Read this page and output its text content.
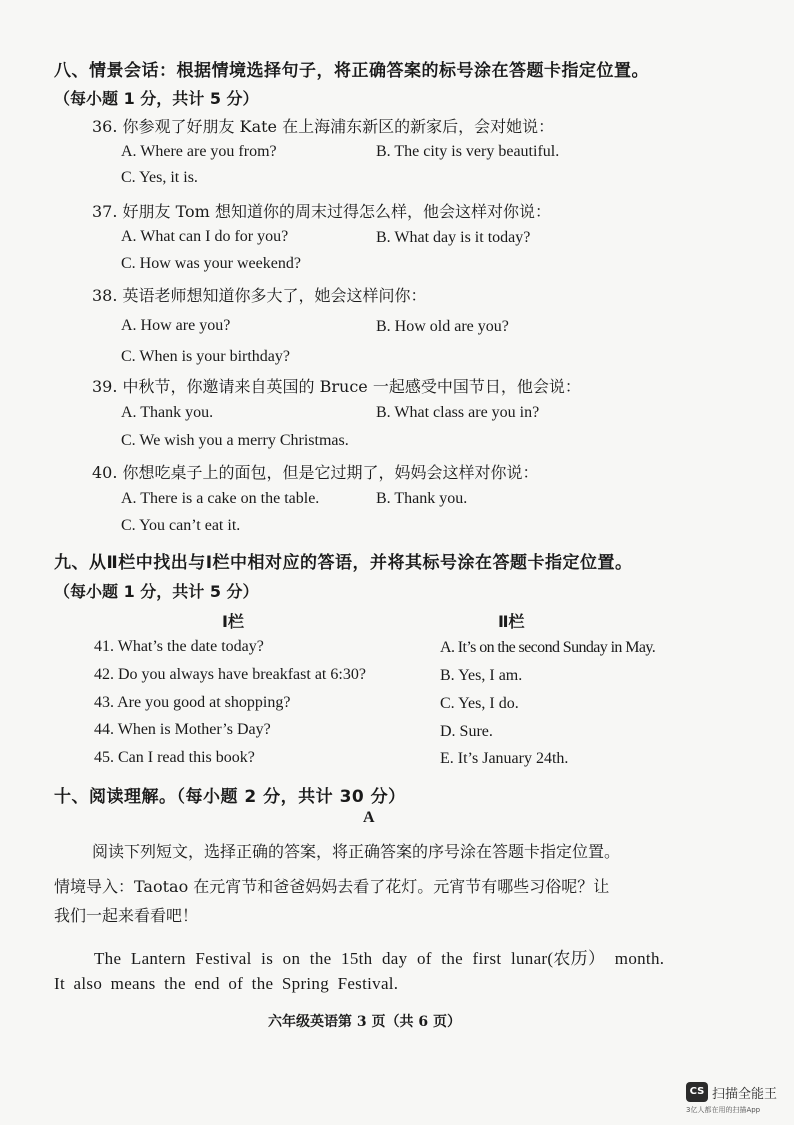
八、情景会话：根据情境选择句子，将正确答案的标号涂在答题卡指定位置。
（每小题 1 分，共计 5 分）
36. 你参观了好朋友 Kate 在上海浦东新区的新家后，会对她说：
A. Where are you from?	B. The city is very beautiful.
C. Yes, it is.
37. 好朋友 Tom 想知道你的周末过得怎么样，他会这样对你说：
A. What can I do for you?	B. What day is it today?
C. How was your weekend?
38. 英语老师想知道你多大了，她会这样问你：
A. How are you?	B. How old are you?
C. When is your birthday?
39. 中秋节，你邀请来自英国的 Bruce 一起感受中国节日，他会说：
A. Thank you.	B. What class are you in?
C. We wish you a merry Christmas.
40. 你想吃桌子上的面包，但是它过期了，妈妈会这样对你说：
A. There is a cake on the table.	B. Thank you.
C. You can’t eat it.
九、从Ⅱ栏中找出与Ⅰ栏中相对应的答语，并将其标号涂在答题卡指定位置。
（每小题 1 分，共计 5 分）
Ⅰ栏	Ⅱ栏
41. What’s the date today?	A. It’s on the second Sunday in May.
42. Do you always have breakfast at 6:30?	B. Yes, I am.
43. Are you good at shopping?	C. Yes, I do.
44. When is Mother’s Day?	D. Sure.
45. Can I read this book?	E. It’s January 24th.
十、阅读理解。（每小题 2 分，共计 30 分）
A
阅读下列短文，选择正确的答案，将正确答案的序号涂在答题卡指定位置。
情境导入：Taotao 在元宵节和爸爸妈妈去看了花灯。元宵节有哪些习俗呢？让
我们一起来看看吧！
The Lantern Festival is on the 15th day of the first lunar(农历） month.
It also means the end of the Spring Festival.
六年级英语第 3 页（共 6 页）
CS 扫描全能王
3亿人都在用的扫描App
